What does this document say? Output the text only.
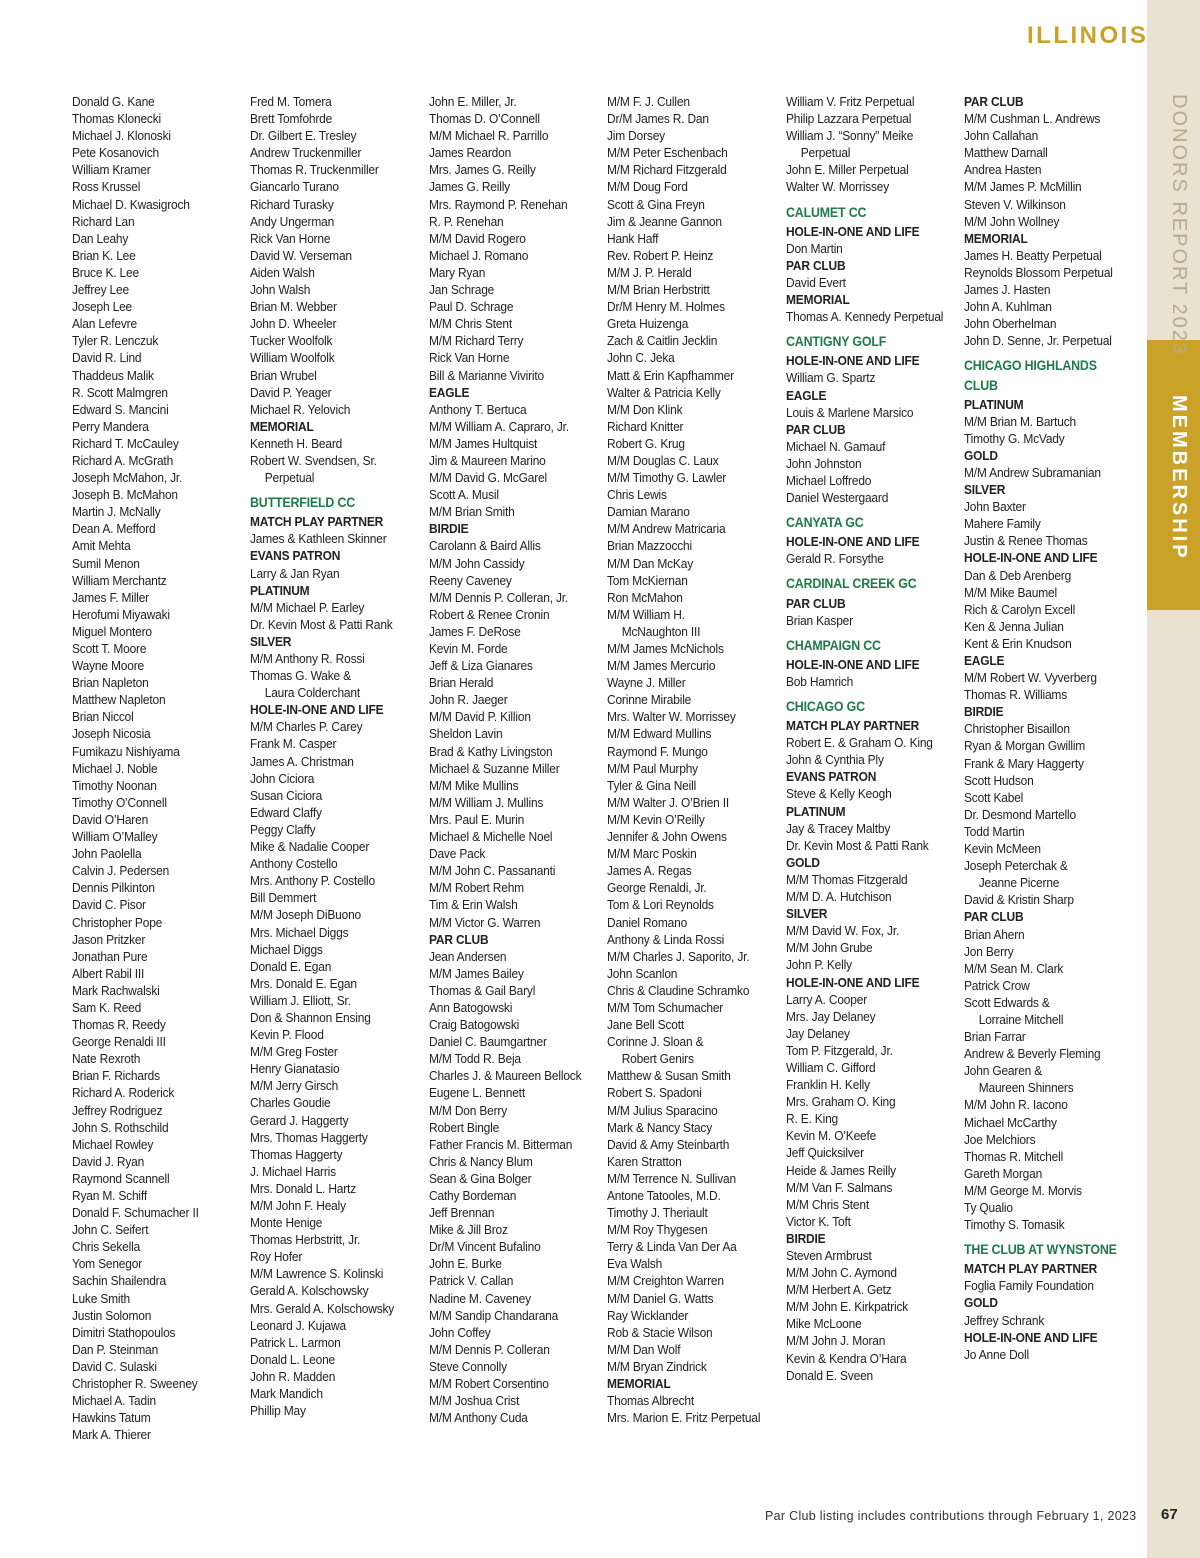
DONORS REPORT 2023
MEMBERSHIP
ILLINOIS
Donald G. Kane
Thomas Klonecki
Michael J. Klonoski
Pete Kosanovich
William Kramer
Ross Krussel
Michael D. Kwasigroch
Richard Lan
Dan Leahy
Brian K. Lee
Bruce K. Lee
Jeffrey Lee
Joseph Lee
Alan Lefevre
Tyler R. Lenczuk
David R. Lind
Thaddeus Malik
R. Scott Malmgren
Edward S. Mancini
Perry Mandera
Richard T. McCauley
Richard A. McGrath
Joseph McMahon, Jr.
Joseph B. McMahon
Martin J. McNally
Dean A. Mefford
Amit Mehta
Sumil Menon
William Merchantz
James F. Miller
Herofumi Miyawaki
Miguel Montero
Scott T. Moore
Wayne Moore
Brian Napleton
Matthew Napleton
Brian Niccol
Joseph Nicosia
Fumikazu Nishiyama
Michael J. Noble
Timothy Noonan
Timothy O’Connell
David O’Haren
William O’Malley
John Paolella
Calvin J. Pedersen
Dennis Pilkinton
David C. Pisor
Christopher Pope
Jason Pritzker
Jonathan Pure
Albert Rabil III
Mark Rachwalski
Sam K. Reed
Thomas R. Reedy
George Renaldi III
Nate Rexroth
Brian F. Richards
Richard A. Roderick
Jeffrey Rodriguez
John S. Rothschild
Michael Rowley
David J. Ryan
Raymond Scannell
Ryan M. Schiff
Donald F. Schumacher II
John C. Seifert
Chris Sekella
Yom Senegor
Sachin Shailendra
Luke Smith
Justin Solomon
Dimitri Stathopoulos
Dan P. Steinman
David C. Sulaski
Christopher R. Sweeney
Michael A. Tadin
Hawkins Tatum
Mark A. Thierer
Fred M. Tomera
Brett Tomfohrde
Dr. Gilbert E. Tresley
Andrew Truckenmiller
Thomas R. Truckenmiller
Giancarlo Turano
Richard Turasky
Andy Ungerman
Rick Van Horne
David W. Verseman
Aiden Walsh
John Walsh
Brian M. Webber
John D. Wheeler
Tucker Woolfolk
William Woolfolk
Brian Wrubel
David P. Yeager
Michael R. Yelovich
MEMORIAL
Kenneth H. Beard
Robert W. Svendsen, Sr.
Perpetual
BUTTERFIELD CC
MATCH PLAY PARTNER
James & Kathleen Skinner
EVANS PATRON
Larry & Jan Ryan
PLATINUM
M/M Michael P. Earley
Dr. Kevin Most & Patti Rank
SILVER
M/M Anthony R. Rossi
Thomas G. Wake &
Laura Colderchant
HOLE-IN-ONE AND LIFE
M/M Charles P. Carey
Frank M. Casper
James A. Christman
John Ciciora
Susan Ciciora
Edward Claffy
Peggy Claffy
Mike & Nadalie Cooper
Anthony Costello
Mrs. Anthony P. Costello
Bill Demmert
M/M Joseph DiBuono
Mrs. Michael Diggs
Michael Diggs
Donald E. Egan
Mrs. Donald E. Egan
William J. Elliott, Sr.
Don & Shannon Ensing
Kevin P. Flood
M/M Greg Foster
Henry Gianatasio
M/M Jerry Girsch
Charles Goudie
Gerard J. Haggerty
Mrs. Thomas Haggerty
Thomas Haggerty
J. Michael Harris
Mrs. Donald L. Hartz
M/M John F. Healy
Monte Henige
Thomas Herbstritt, Jr.
Roy Hofer
M/M Lawrence S. Kolinski
Gerald A. Kolschowsky
Mrs. Gerald A. Kolschowsky
Leonard J. Kujawa
Patrick L. Larmon
Donald L. Leone
John R. Madden
Mark Mandich
Phillip May
John E. Miller, Jr.
Thomas D. O’Connell
M/M Michael R. Parrillo
James Reardon
Mrs. James G. Reilly
James G. Reilly
Mrs. Raymond P. Renehan
R. P. Renehan
M/M David Rogero
Michael J. Romano
Mary Ryan
Jan Schrage
Paul D. Schrage
M/M Chris Stent
M/M Richard Terry
Rick Van Horne
Bill & Marianne Vivirito
EAGLE
Anthony T. Bertuca
M/M William A. Capraro, Jr.
M/M James Hultquist
Jim & Maureen Marino
M/M David G. McGarel
Scott A. Musil
M/M Brian Smith
BIRDIE
Carolann & Baird Allis
M/M John Cassidy
Reeny Caveney
M/M Dennis P. Colleran, Jr.
Robert & Renee Cronin
James F. DeRose
Kevin M. Forde
Jeff & Liza Gianares
Brian Herald
John R. Jaeger
M/M David P. Killion
Sheldon Lavin
Brad & Kathy Livingston
Michael & Suzanne Miller
M/M Mike Mullins
M/M William J. Mullins
Mrs. Paul E. Murin
Michael & Michelle Noel
Dave Pack
M/M John C. Passananti
M/M Robert Rehm
Tim & Erin Walsh
M/M Victor G. Warren
PAR CLUB
Jean Andersen
M/M James Bailey
Thomas & Gail Baryl
Ann Batogowski
Craig Batogowski
Daniel C. Baumgartner
M/M Todd R. Beja
Charles J. & Maureen Bellock
Eugene L. Bennett
M/M Don Berry
Robert Bingle
Father Francis M. Bitterman
Chris & Nancy Blum
Sean & Gina Bolger
Cathy Bordeman
Jeff Brennan
Mike & Jill Broz
Dr/M Vincent Bufalino
John E. Burke
Patrick V. Callan
Nadine M. Caveney
M/M Sandip Chandarana
John Coffey
M/M Dennis P. Colleran
Steve Connolly
M/M Robert Corsentino
M/M Joshua Crist
M/M Anthony Cuda
M/M F. J. Cullen
Dr/M James R. Dan
Jim Dorsey
M/M Peter Eschenbach
M/M Richard Fitzgerald
M/M Doug Ford
Scott & Gina Freyn
Jim & Jeanne Gannon
Hank Haff
Rev. Robert P. Heinz
M/M J. P. Herald
M/M Brian Herbstritt
Dr/M Henry M. Holmes
Greta Huizenga
Zach & Caitlin Jecklin
John C. Jeka
Matt & Erin Kapfhammer
Walter & Patricia Kelly
M/M Don Klink
Richard Knitter
Robert G. Krug
M/M Douglas C. Laux
M/M Timothy G. Lawler
Chris Lewis
Damian Marano
M/M Andrew Matricaria
Brian Mazzocchi
M/M Dan McKay
Tom McKiernan
Ron McMahon
M/M William H.
McNaughton III
M/M James McNichols
M/M James Mercurio
Wayne J. Miller
Corinne Mirabile
Mrs. Walter W. Morrissey
M/M Edward Mullins
Raymond F. Mungo
M/M Paul Murphy
Tyler & Gina Neill
M/M Walter J. O’Brien II
M/M Kevin O’Reilly
Jennifer & John Owens
M/M Marc Poskin
James A. Regas
George Renaldi, Jr.
Tom & Lori Reynolds
Daniel Romano
Anthony & Linda Rossi
M/M Charles J. Saporito, Jr.
John Scanlon
Chris & Claudine Schramko
M/M Tom Schumacher
Jane Bell Scott
Corinne J. Sloan &
Robert Genirs
Matthew & Susan Smith
Robert S. Spadoni
M/M Julius Sparacino
Mark & Nancy Stacy
David & Amy Steinbarth
Karen Stratton
M/M Terrence N. Sullivan
Antone Tatooles, M.D.
Timothy J. Theriault
M/M Roy Thygesen
Terry & Linda Van Der Aa
Eva Walsh
M/M Creighton Warren
M/M Daniel G. Watts
Ray Wicklander
Rob & Stacie Wilson
M/M Dan Wolf
M/M Bryan Zindrick
MEMORIAL
Thomas Albrecht
Mrs. Marion E. Fritz Perpetual
William V. Fritz Perpetual
Philip Lazzara Perpetual
William J. “Sonny” Meike
Perpetual
John E. Miller Perpetual
Walter W. Morrissey
CALUMET CC
HOLE-IN-ONE AND LIFE
Don Martin
PAR CLUB
David Evert
MEMORIAL
Thomas A. Kennedy Perpetual
CANTIGNY GOLF
HOLE-IN-ONE AND LIFE
William G. Spartz
EAGLE
Louis & Marlene Marsico
PAR CLUB
Michael N. Gamauf
John Johnston
Michael Loffredo
Daniel Westergaard
CANYATA GC
HOLE-IN-ONE AND LIFE
Gerald R. Forsythe
CARDINAL CREEK GC
PAR CLUB
Brian Kasper
CHAMPAIGN CC
HOLE-IN-ONE AND LIFE
Bob Hamrich
CHICAGO GC
MATCH PLAY PARTNER
Robert E. & Graham O. King
John & Cynthia Ply
EVANS PATRON
Steve & Kelly Keogh
PLATINUM
Jay & Tracey Maltby
Dr. Kevin Most & Patti Rank
GOLD
M/M Thomas Fitzgerald
M/M D. A. Hutchison
SILVER
M/M David W. Fox, Jr.
M/M John Grube
John P. Kelly
HOLE-IN-ONE AND LIFE
Larry A. Cooper
Mrs. Jay Delaney
Jay Delaney
Tom P. Fitzgerald, Jr.
William C. Gifford
Franklin H. Kelly
Mrs. Graham O. King
R. E. King
Kevin M. O’Keefe
Jeff Quicksilver
Heide & James Reilly
M/M Van F. Salmans
M/M Chris Stent
Victor K. Toft
BIRDIE
Steven Armbrust
M/M John C. Aymond
M/M Herbert A. Getz
M/M John E. Kirkpatrick
Mike McLoone
M/M John J. Moran
Kevin & Kendra O’Hara
Donald E. Sveen
PAR CLUB
M/M Cushman L. Andrews
John Callahan
Matthew Darnall
Andrea Hasten
M/M James P. McMillin
Steven V. Wilkinson
M/M John Wollney
MEMORIAL
James H. Beatty Perpetual
Reynolds Blossom Perpetual
James J. Hasten
John A. Kuhlman
John Oberhelman
John D. Senne, Jr. Perpetual
CHICAGO HIGHLANDS
CLUB
PLATINUM
M/M Brian M. Bartuch
Timothy G. McVady
GOLD
M/M Andrew Subramanian
SILVER
John Baxter
Mahere Family
Justin & Renee Thomas
HOLE-IN-ONE AND LIFE
Dan & Deb Arenberg
M/M Mike Baumel
Rich & Carolyn Excell
Ken & Jenna Julian
Kent & Erin Knudson
EAGLE
M/M Robert W. Vyverberg
Thomas R. Williams
BIRDIE
Christopher Bisaillon
Ryan & Morgan Gwillim
Frank & Mary Haggerty
Scott Hudson
Scott Kabel
Dr. Desmond Martello
Todd Martin
Kevin McMeen
Joseph Peterchak &
Jeanne Picerne
David & Kristin Sharp
PAR CLUB
Brian Ahern
Jon Berry
M/M Sean M. Clark
Patrick Crow
Scott Edwards &
Lorraine Mitchell
Brian Farrar
Andrew & Beverly Fleming
John Gearen &
Maureen Shinners
M/M John R. Iacono
Michael McCarthy
Joe Melchiors
Thomas R. Mitchell
Gareth Morgan
M/M George M. Morvis
Ty Qualio
Timothy S. Tomasik
THE CLUB AT WYNSTONE
MATCH PLAY PARTNER
Foglia Family Foundation
GOLD
Jeffrey Schrank
HOLE-IN-ONE AND LIFE
Jo Anne Doll
Par Club listing includes contributions through February 1, 2023 67
